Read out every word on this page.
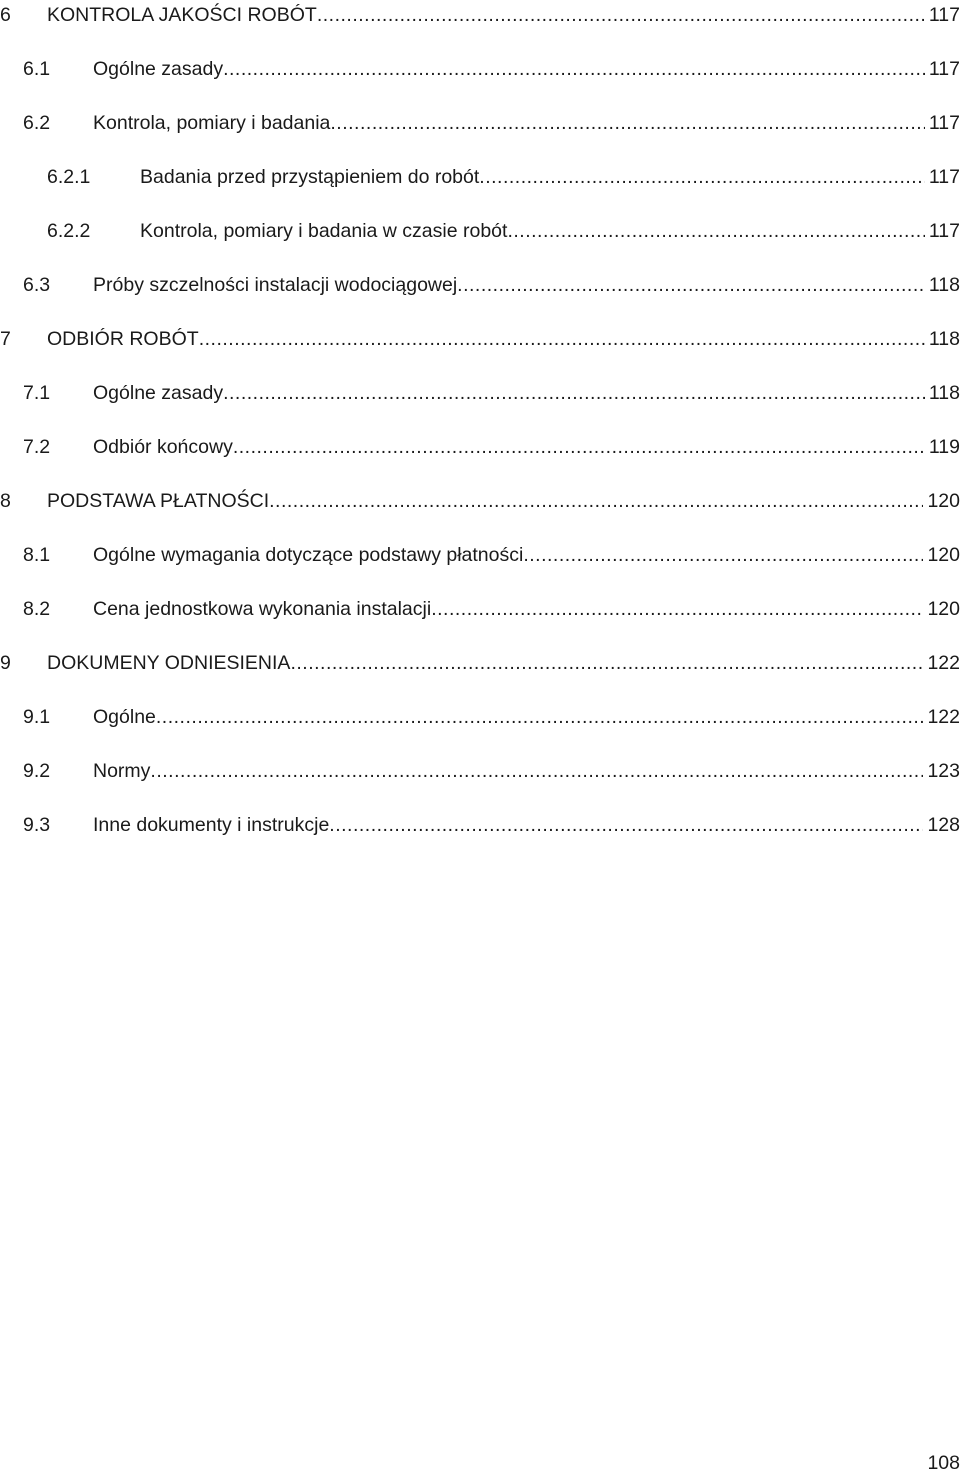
6 KONTROLA JAKOŚCI ROBÓT .....	117
6.1 Ogólne zasady .....	117
6.2 Kontrola, pomiary i badania .....	117
6.2.1	Badania przed przystąpieniem do robót .....	117
6.2.2	Kontrola, pomiary i badania w czasie robót .....	117
6.3 Próby szczelności instalacji wodociągowej .....	118
7 ODBIÓR ROBÓT .....	118
7.1 Ogólne zasady .....	118
7.2 Odbiór końcowy .....	119
8 PODSTAWA PŁATNOŚCI .....	120
8.1 Ogólne wymagania dotyczące podstawy płatności .....	120
8.2 Cena jednostkowa wykonania instalacji .....	120
9 DOKUMENY ODNIESIENIA .....	122
9.1 Ogólne .....	122
9.2 Normy .....	123
9.3 Inne dokumenty i instrukcje .....	128
108
